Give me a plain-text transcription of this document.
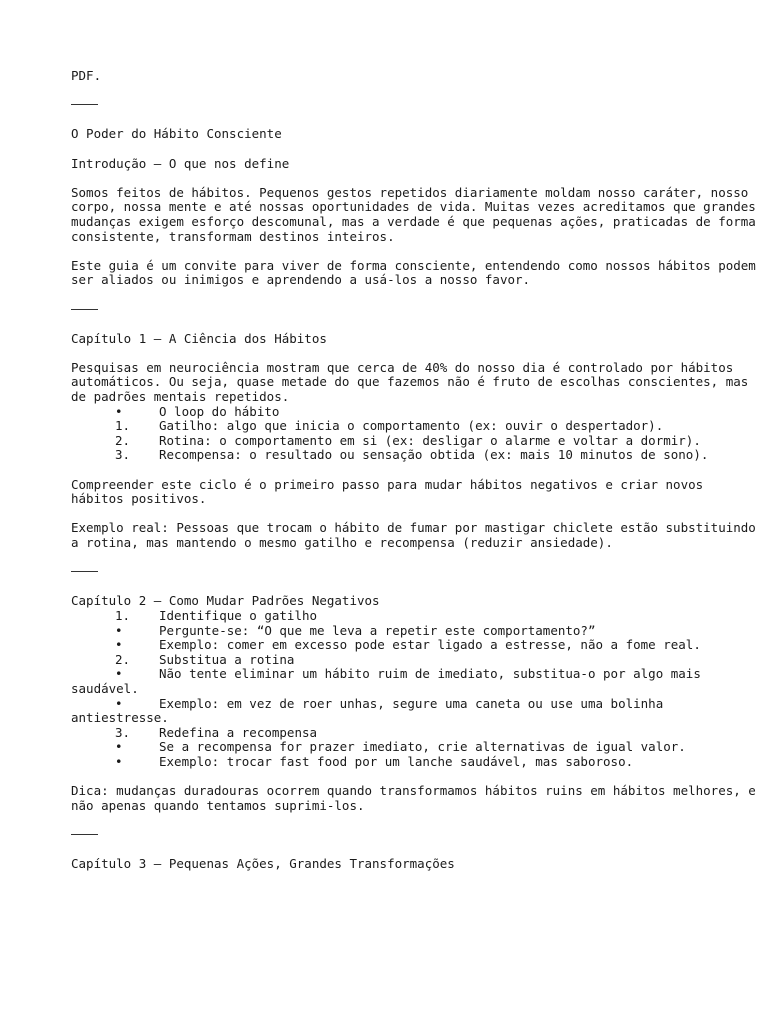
PDF.
O Poder do Hábito Consciente
Introdução – O que nos define
Somos feitos de hábitos. Pequenos gestos repetidos diariamente moldam nosso caráter, nosso corpo, nossa mente e até nossas oportunidades de vida. Muitas vezes acreditamos que grandes mudanças exigem esforço descomunal, mas a verdade é que pequenas ações, praticadas de forma consistente, transformam destinos inteiros.
Este guia é um convite para viver de forma consciente, entendendo como nossos hábitos podem ser aliados ou inimigos e aprendendo a usá-los a nosso favor.
Capítulo 1 – A Ciência dos Hábitos
Pesquisas em neurociência mostram que cerca de 40% do nosso dia é controlado por hábitos automáticos. Ou seja, quase metade do que fazemos não é fruto de escolhas conscientes, mas de padrões mentais repetidos.
•	O loop do hábito
1. Gatilho: algo que inicia o comportamento (ex: ouvir o despertador).
2. Rotina: o comportamento em si (ex: desligar o alarme e voltar a dormir).
3. Recompensa: o resultado ou sensação obtida (ex: mais 10 minutos de sono).
Compreender este ciclo é o primeiro passo para mudar hábitos negativos e criar novos hábitos positivos.
Exemplo real: Pessoas que trocam o hábito de fumar por mastigar chiclete estão substituindo a rotina, mas mantendo o mesmo gatilho e recompensa (reduzir ansiedade).
Capítulo 2 – Como Mudar Padrões Negativos
1. Identifique o gatilho
•	Pergunte-se: “O que me leva a repetir este comportamento?”
•	Exemplo: comer em excesso pode estar ligado a estresse, não a fome real.
2. Substitua a rotina
•	Não tente eliminar um hábito ruim de imediato, substitua-o por algo mais saudável.
•	Exemplo: em vez de roer unhas, segure uma caneta ou use uma bolinha antiestresse.
3. Redefina a recompensa
•	Se a recompensa for prazer imediato, crie alternativas de igual valor.
•	Exemplo: trocar fast food por um lanche saudável, mas saboroso.
Dica: mudanças duradouras ocorrem quando transformamos hábitos ruins em hábitos melhores, e não apenas quando tentamos suprimi-los.
Capítulo 3 – Pequenas Ações, Grandes Transformações
